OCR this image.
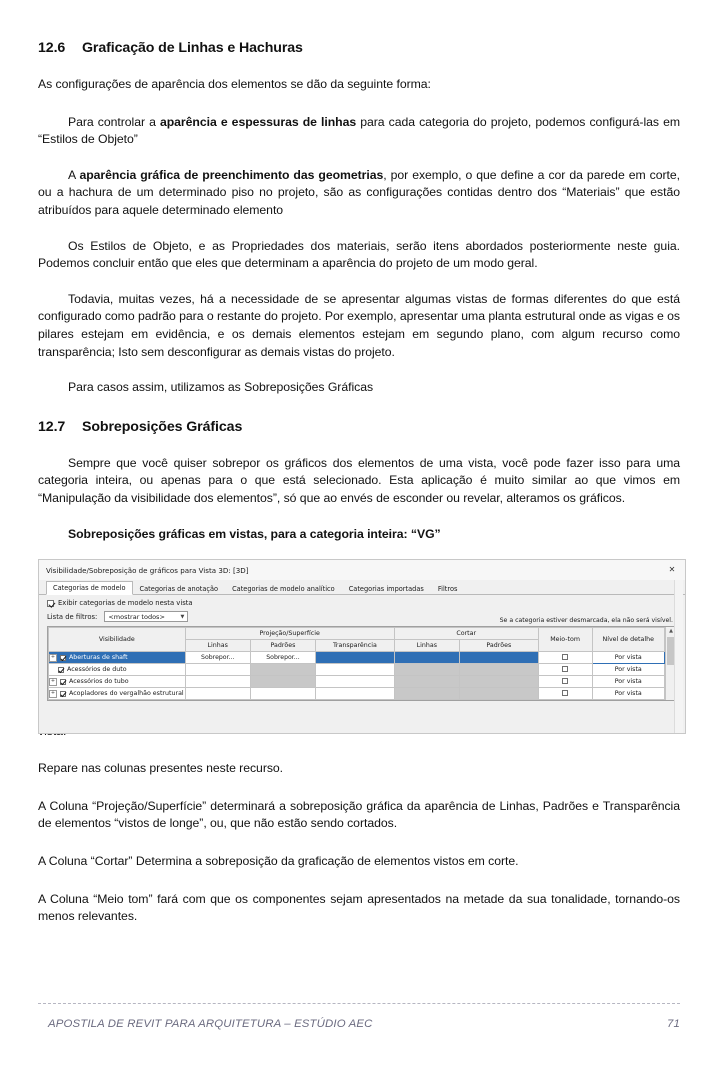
12.6 Graficação de Linhas e Hachuras

As configurações de aparência dos elementos se dão da seguinte forma:

Para controlar a aparência e espessuras de linhas para cada categoria do projeto, podemos configurá-las em “Estilos de Objeto”

A aparência gráfica de preenchimento das geometrias, por exemplo, o que define a cor da parede em corte, ou a hachura de um determinado piso no projeto, são as configurações contidas dentro dos “Materiais” que estão atribuídos para aquele determinado elemento

Os Estilos de Objeto, e as Propriedades dos materiais, serão itens abordados posteriormente neste guia. Podemos concluir então que eles que determinam a aparência do projeto de um modo geral.

Todavia, muitas vezes, há a necessidade de se apresentar algumas vistas de formas diferentes do que está configurado como padrão para o restante do projeto. Por exemplo, apresentar uma planta estrutural onde as vigas e os pilares estejam em evidência, e os demais elementos estejam em segundo plano, com algum recurso como transparência; Isto sem desconfigurar as demais vistas do projeto.

Para casos assim, utilizamos as Sobreposições Gráficas

12.7 Sobreposições Gráficas

Sempre que você quiser sobrepor os gráficos dos elementos de uma vista, você pode fazer isso para uma categoria inteira, ou apenas para o que está selecionado. Esta aplicação é muito similar ao que vimos em “Manipulação da visibilidade dos elementos”, só que ao envés de esconder ou revelar, alteramos os gráficos.

Sobreposições gráficas em vistas, para a categoria inteira: “VG”

Visibilidade/Sobreposição de gráficos para Vista 3D: [3D]	✕
Categorias de modelo	Categorias de anotação	Categorias de modelo analítico	Categorias importadas	Filtros
Exibir categorias de modelo nesta vista
Lista de filtros: <mostrar todos>	▼
Se a categoria estiver desmarcada, ela não será visível.
Visibilidade	Projeção/Superfície			Cortar		Meio-tom	Nível de detalhe
	Linhas	Padrões	Transparência	Linhas	Padrões		

+ Aberturas de shaft	Sobrepor...	Sobrepor...					Por vista

Acessórios de duto							Por vista

+ Acessórios do tubo							Por vista

+ Acopladores do vergalhão estrutural							Por vista
▲

Repare nas colunas presentes neste recurso.

A Coluna “Projeção/Superfície” determinará a sobreposição gráfica da aparência de Linhas, Padrões e Transparência de elementos “vistos de longe”, ou, que não estão sendo cortados.

A Coluna “Cortar” Determina a sobreposição da graficação de elementos vistos em corte.

A Coluna “Meio tom” fará com que os componentes sejam apresentados na metade da sua tonalidade, tornando-os menos relevantes.

APOSTILA DE REVIT PARA ARQUITETURA – ESTÚDIO AEC	71
